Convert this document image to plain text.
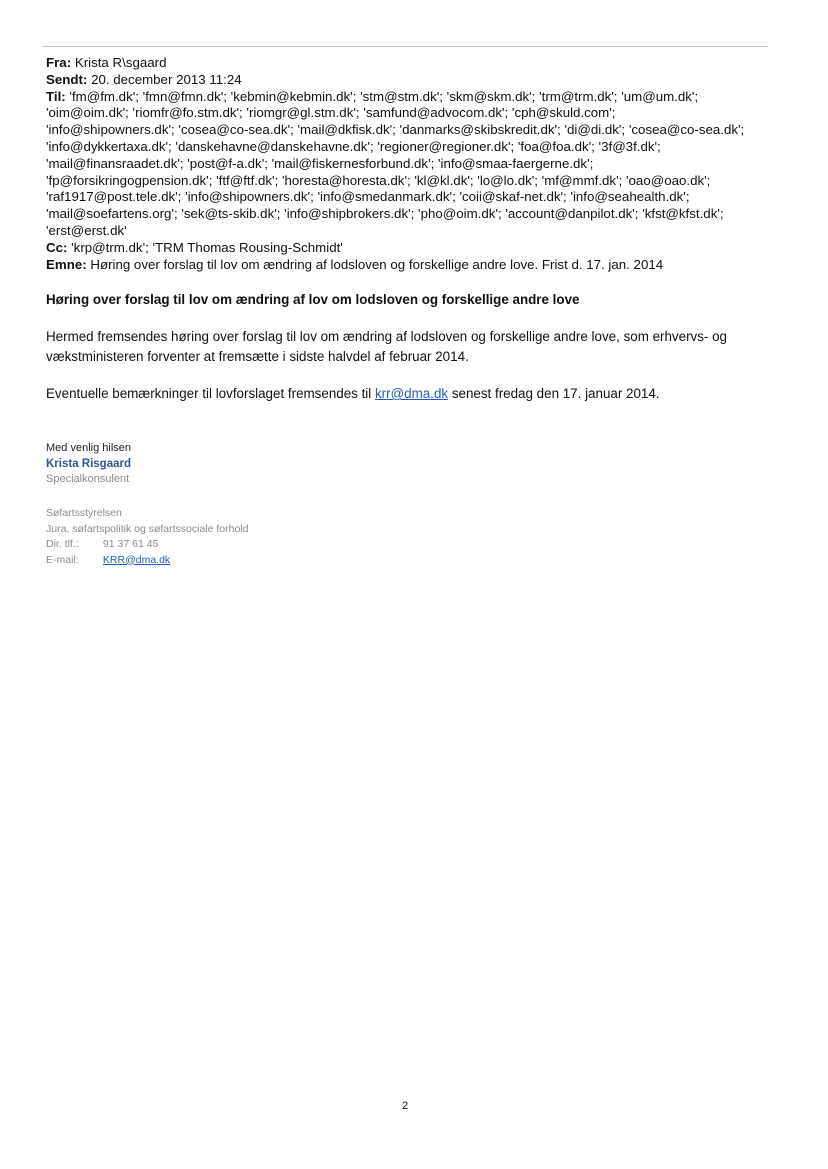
Fra: Krista R\sgaard
Sendt: 20. december 2013 11:24
Til: 'fm@fm.dk'; 'fmn@fmn.dk'; 'kebmin@kebmin.dk'; 'stm@stm.dk'; 'skm@skm.dk'; 'trm@trm.dk'; 'um@um.dk';
'oim@oim.dk'; 'riomfr@fo.stm.dk'; 'riomgr@gl.stm.dk'; 'samfund@advocom.dk'; 'cph@skuld.com';
'info@shipowners.dk'; 'cosea@co-sea.dk'; 'mail@dkfisk.dk'; 'danmarks@skibskredit.dk'; 'di@di.dk'; 'cosea@co-sea.dk';
'info@dykkertaxa.dk'; 'danskehavne@danskehavne.dk'; 'regioner@regioner.dk'; 'foa@foa.dk'; '3f@3f.dk';
'mail@finansraadet.dk'; 'post@f-a.dk'; 'mail@fiskernesforbund.dk'; 'info@smaa-faergerne.dk';
'fp@forsikringogpension.dk'; 'ftf@ftf.dk'; 'horesta@horesta.dk'; 'kl@kl.dk'; 'lo@lo.dk'; 'mf@mmf.dk'; 'oao@oao.dk';
'raf1917@post.tele.dk'; 'info@shipowners.dk'; 'info@smedanmark.dk'; 'coii@skaf-net.dk'; 'info@seahealth.dk';
'mail@soefartens.org'; 'sek@ts-skib.dk'; 'info@shipbrokers.dk'; 'pho@oim.dk'; 'account@danpilot.dk'; 'kfst@kfst.dk';
'erst@erst.dk'
Cc: 'krp@trm.dk'; 'TRM Thomas Rousing-Schmidt'
Emne: Høring over forslag til lov om ændring af lodsloven og forskellige andre love. Frist d. 17. jan. 2014
Høring over forslag til lov om ændring af lov om lodsloven og forskellige andre love
Hermed fremsendes høring over forslag til lov om ændring af lodsloven og forskellige andre love, som erhvervs- og vækstministeren forventer at fremsætte i sidste halvdel af februar 2014.
Eventuelle bemærkninger til lovforslaget fremsendes til krr@dma.dk senest fredag den 17. januar 2014.
Med venlig hilsen
Krista Risgaard
Specialkonsulent
Søfartsstyrelsen
Jura, søfartspolitik og søfartssociale forhold
Dir. tlf.: 91 37 61 45
E-mail: KRR@dma.dk
2
